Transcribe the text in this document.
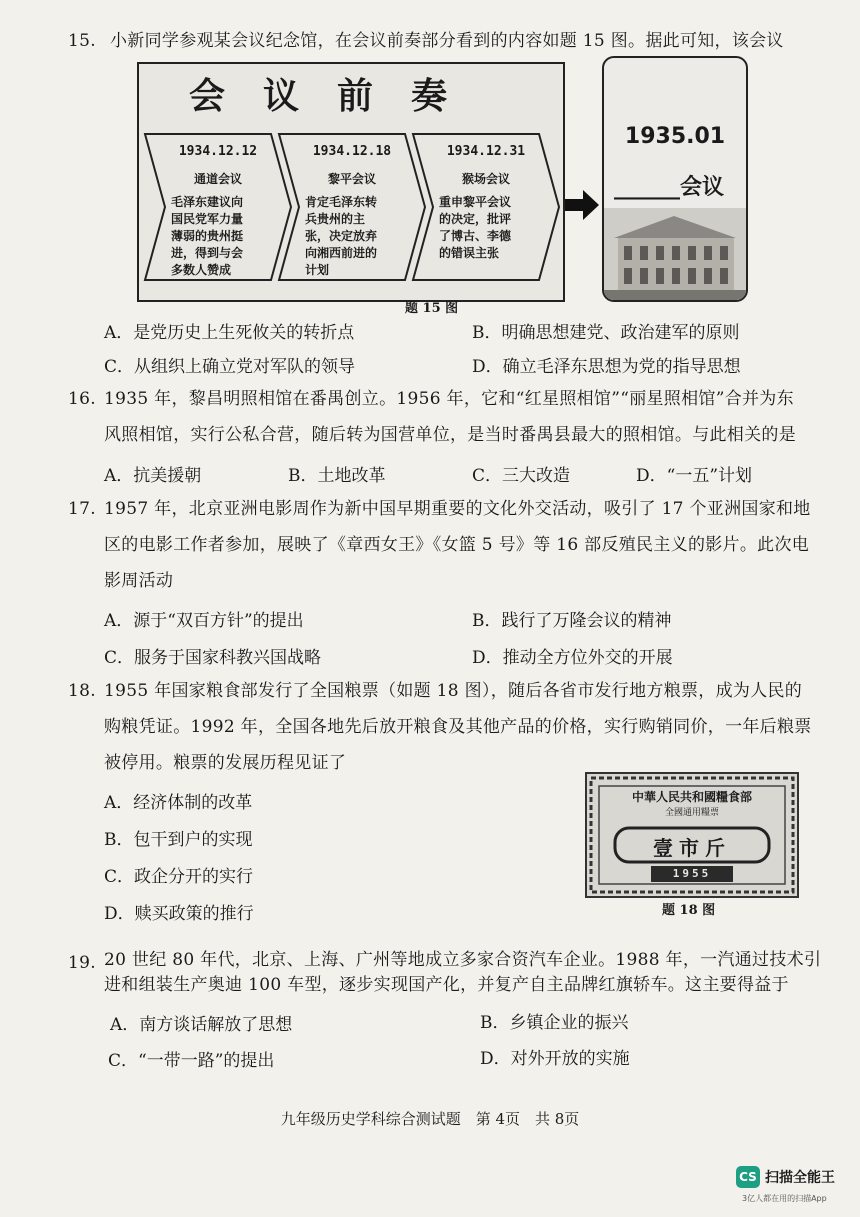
15. 小新同学参观某会议纪念馆，在会议前奏部分看到的内容如题 15 图。据此可知，该会议
会议前奏
1934.12.12
通道会议
毛泽东建议向国民党军力量薄弱的贵州挺进，得到与会多数人赞成
1934.12.18
黎平会议
肯定毛泽东转兵贵州的主张，决定放弃向湘西前进的计划
1934.12.31
猴场会议
重申黎平会议的决定，批评了博古、李德的错误主张
1935.01
______会议
题 15 图
A．是党历史上生死攸关的转折点	B．明确思想建党、政治建军的原则
C．从组织上确立党对军队的领导	D．确立毛泽东思想为党的指导思想
16. 1935 年，黎昌明照相馆在番禺创立。1956 年，它和“红星照相馆”“丽星照相馆”合并为东
风照相馆，实行公私合营，随后转为国营单位，是当时番禺县最大的照相馆。与此相关的是
A．抗美援朝	B．土地改革	C．三大改造	D．“一五”计划
17. 1957 年，北京亚洲电影周作为新中国早期重要的文化外交活动，吸引了 17 个亚洲国家和地
区的电影工作者参加，展映了《章西女王》《女篮 5 号》等 16 部反殖民主义的影片。此次电
影周活动
A．源于“双百方针”的提出	B．践行了万隆会议的精神
C．服务于国家科教兴国战略	D．推动全方位外交的开展
18. 1955 年国家粮食部发行了全国粮票（如题 18 图），随后各省市发行地方粮票，成为人民的
购粮凭证。1992 年，全国各地先后放开粮食及其他产品的价格，实行购销同价，一年后粮票
被停用。粮票的发展历程见证了
A．经济体制的改革
B．包干到户的实现
C．政企分开的实行
D．赎买政策的推行
中華人民共和國糧食部
全國通用糧票
壹市斤
1955
题 18 图
19. 20 世纪 80 年代，北京、上海、广州等地成立多家合资汽车企业。1988 年，一汽通过技术引
进和组装生产奥迪 100 车型，逐步实现国产化，并复产自主品牌红旗轿车。这主要得益于
A．南方谈话解放了思想	B．乡镇企业的振兴
C．“一带一路”的提出	D．对外开放的实施
九年级历史学科综合测试题　第 4页　共 8页
CS 扫描全能王
3亿人都在用的扫描App
